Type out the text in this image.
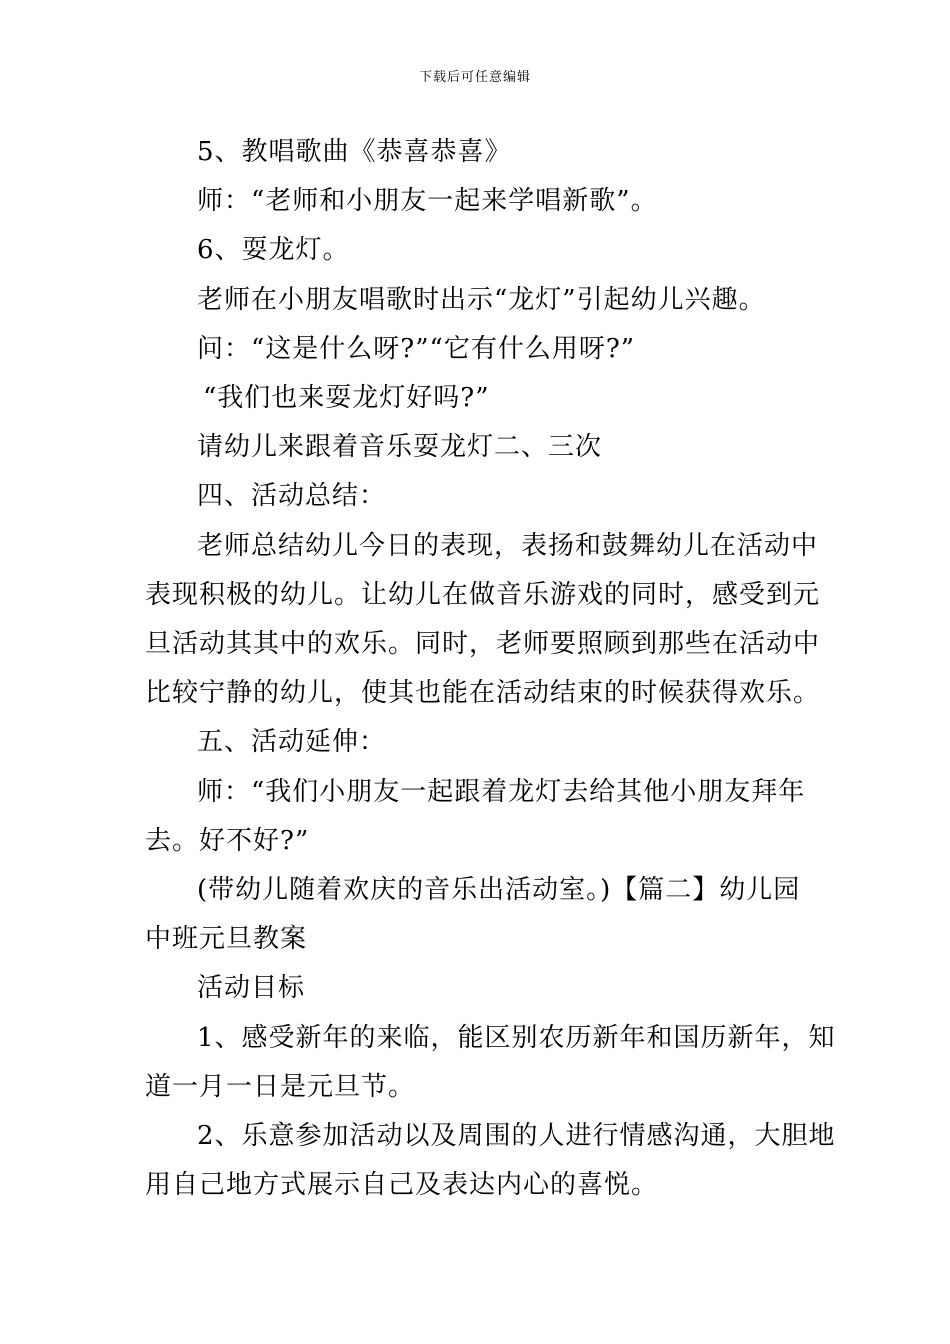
下载后可任意编辑
5、教唱歌曲《恭喜恭喜》
师：“老师和小朋友一起来学唱新歌”。
6、耍龙灯。
老师在小朋友唱歌时出示“龙灯”引起幼儿兴趣。
问：“这是什么呀?”“它有什么用呀?”
“我们也来耍龙灯好吗?”
请幼儿来跟着音乐耍龙灯二、三次
四、活动总结：
老师总结幼儿今日的表现，表扬和鼓舞幼儿在活动中
表现积极的幼儿。让幼儿在做音乐游戏的同时，感受到元
旦活动其其中的欢乐。同时，老师要照顾到那些在活动中
比较宁静的幼儿，使其也能在活动结束的时候获得欢乐。
五、活动延伸：
师：“我们小朋友一起跟着龙灯去给其他小朋友拜年
去。好不好?”
(带幼儿随着欢庆的音乐出活动室。)【篇二】幼儿园
中班元旦教案
活动目标
1、感受新年的来临，能区别农历新年和国历新年，知
道一月一日是元旦节。
2、乐意参加活动以及周围的人进行情感沟通，大胆地
用自己地方式展示自己及表达内心的喜悦。
